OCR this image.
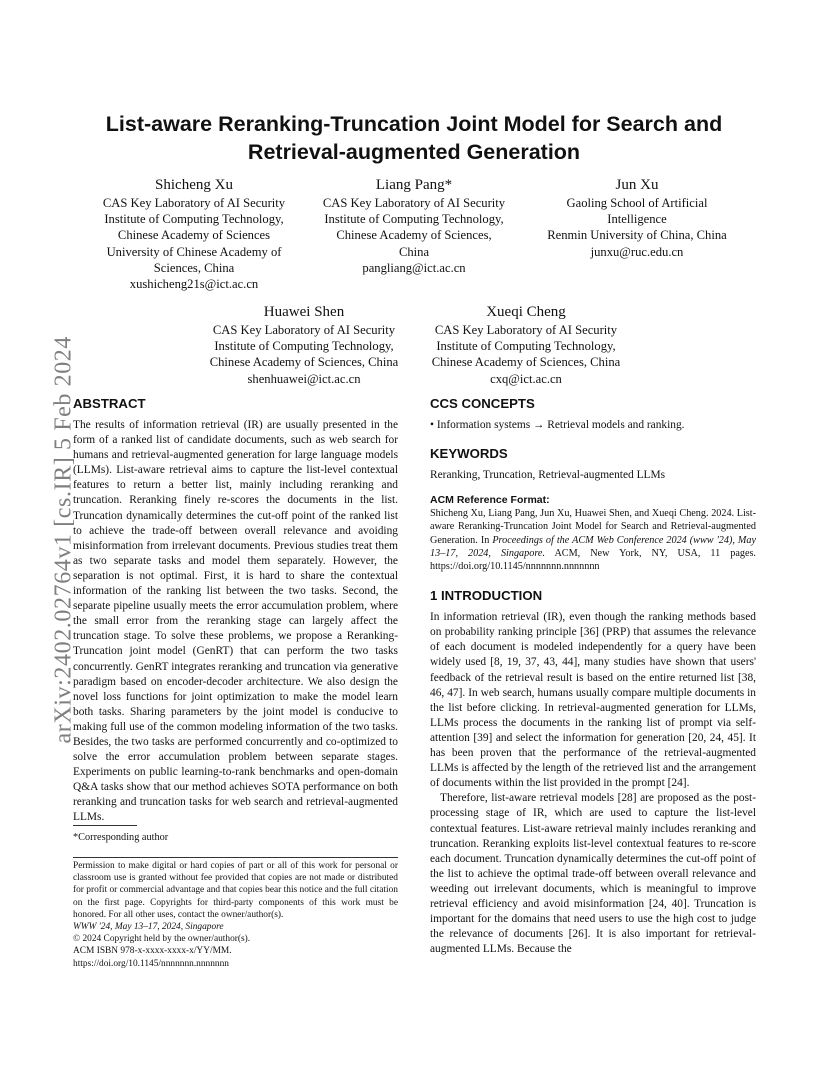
arXiv:2402.02764v1 [cs.IR] 5 Feb 2024
List-aware Reranking-Truncation Joint Model for Search and
Retrieval-augmented Generation
Shicheng Xu
CAS Key Laboratory of AI Security
Institute of Computing Technology,
Chinese Academy of Sciences
University of Chinese Academy of
Sciences, China
xushicheng21s@ict.ac.cn
Liang Pang*
CAS Key Laboratory of AI Security
Institute of Computing Technology,
Chinese Academy of Sciences,
China
pangliang@ict.ac.cn
Jun Xu
Gaoling School of Artificial
Intelligence
Renmin University of China, China
junxu@ruc.edu.cn
Huawei Shen
CAS Key Laboratory of AI Security
Institute of Computing Technology,
Chinese Academy of Sciences, China
shenhuawei@ict.ac.cn
Xueqi Cheng
CAS Key Laboratory of AI Security
Institute of Computing Technology,
Chinese Academy of Sciences, China
cxq@ict.ac.cn
ABSTRACT

The results of information retrieval (IR) are usually presented in the form of a ranked list of candidate documents, such as web search for humans and retrieval-augmented generation for large language models (LLMs). List-aware retrieval aims to capture the list-level contextual features to return a better list, mainly including reranking and truncation. Reranking finely re-scores the documents in the list. Truncation dynamically determines the cut-off point of the ranked list to achieve the trade-off between overall relevance and avoiding misinformation from irrelevant documents. Previous studies treat them as two separate tasks and model them separately. However, the separation is not optimal. First, it is hard to share the contextual information of the ranking list between the two tasks. Second, the separate pipeline usually meets the error accumulation problem, where the small error from the reranking stage can largely affect the truncation stage. To solve these problems, we propose a Reranking-Truncation joint model (GenRT) that can perform the two tasks concurrently. GenRT integrates reranking and truncation via generative paradigm based on encoder-decoder architecture. We also design the novel loss functions for joint optimization to make the model learn both tasks. Sharing parameters by the joint model is conducive to making full use of the common modeling information of the two tasks. Besides, the two tasks are performed concurrently and co-optimized to solve the error accumulation problem between separate stages. Experiments on public learning-to-rank benchmarks and open-domain Q&A tasks show that our method achieves SOTA performance on both reranking and truncation tasks for web search and retrieval-augmented LLMs.

*Corresponding author

Permission to make digital or hard copies of part or all of this work for personal or classroom use is granted without fee provided that copies are not made or distributed for profit or commercial advantage and that copies bear this notice and the full citation on the first page. Copyrights for third-party components of this work must be honored. For all other uses, contact the owner/author(s).

WWW '24, May 13–17, 2024, Singapore

© 2024 Copyright held by the owner/author(s).

ACM ISBN 978-x-xxxx-xxxx-x/YY/MM.

https://doi.org/10.1145/nnnnnnn.nnnnnnn

CCS CONCEPTS

• Information systems → Retrieval models and ranking.

KEYWORDS

Reranking, Truncation, Retrieval-augmented LLMs

ACM Reference Format:

Shicheng Xu, Liang Pang, Jun Xu, Huawei Shen, and Xueqi Cheng. 2024. List-aware Reranking-Truncation Joint Model for Search and Retrieval-augmented Generation. In Proceedings of the ACM Web Conference 2024 (www '24), May 13–17, 2024, Singapore. ACM, New York, NY, USA, 11 pages. https://doi.org/10.1145/nnnnnnn.nnnnnnn

1 INTRODUCTION

In information retrieval (IR), even though the ranking methods based on probability ranking principle [36] (PRP) that assumes the relevance of each document is modeled independently for a query have been widely used [8, 19, 37, 43, 44], many studies have shown that users' feedback of the retrieval result is based on the entire returned list [38, 46, 47]. In web search, humans usually compare multiple documents in the list before clicking. In retrieval-augmented generation for LLMs, LLMs process the documents in the ranking list of prompt via self-attention [39] and select the information for generation [20, 24, 45]. It has been proven that the performance of the retrieval-augmented LLMs is affected by the length of the retrieved list and the arrangement of documents within the list provided in the prompt [24].

Therefore, list-aware retrieval models [28] are proposed as the post-processing stage of IR, which are used to capture the list-level contextual features. List-aware retrieval mainly includes reranking and truncation. Reranking exploits list-level contextual features to re-score each document. Truncation dynamically determines the cut-off point of the list to achieve the optimal trade-off between overall relevance and weeding out irrelevant documents, which is meaningful to improve retrieval efficiency and avoid misinformation [24, 40]. Truncation is important for the domains that need users to use the high cost to judge the relevance of documents [26]. It is also important for retrieval-augmented LLMs. Because the
